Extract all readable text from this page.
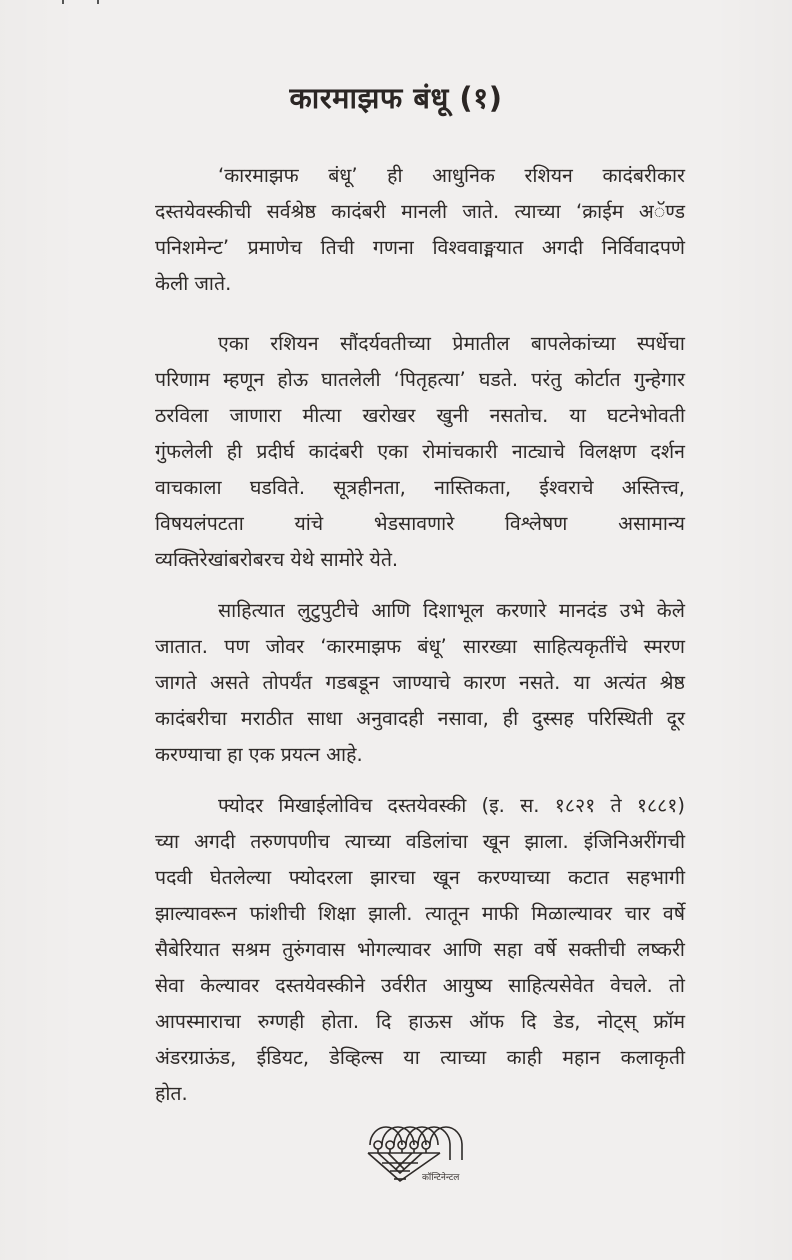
कारमाझफ बंधू (१)
‘कारमाझफ बंधू’ ही आधुनिक रशियन कादंबरीकार
दस्तयेवस्कीची सर्वश्रेष्ठ कादंबरी मानली जाते. त्याच्या ‘क्राईम अॅण्ड
पनिशमेन्ट’ प्रमाणेच तिची गणना विश्ववाङ्मयात अगदी निर्विवादपणे
केली जाते.
एका रशियन सौंदर्यवतीच्या प्रेमातील बापलेकांच्या स्पर्धेचा
परिणाम म्हणून होऊ घातलेली ‘पितृहत्या’ घडते. परंतु कोर्टात गुन्हेगार
ठरविला जाणारा मीत्या खरोखर खुनी नसतोच. या घटनेभोवती
गुंफलेली ही प्रदीर्घ कादंबरी एका रोमांचकारी नाट्याचे विलक्षण दर्शन
वाचकाला घडविते. सूत्रहीनता, नास्तिकता, ईश्वराचे अस्तित्त्व,
विषयलंपटता यांचे भेडसावणारे विश्लेषण असामान्य
व्यक्तिरेखांबरोबरच येथे सामोरे येते.
साहित्यात लुटुपुटीचे आणि दिशाभूल करणारे मानदंड उभे केले
जातात. पण जोवर ‘कारमाझफ बंधू’ सारख्या साहित्यकृतींचे स्मरण
जागते असते तोपर्यंत गडबडून जाण्याचे कारण नसते. या अत्यंत श्रेष्ठ
कादंबरीचा मराठीत साधा अनुवादही नसावा, ही दुस्सह परिस्थिती दूर
करण्याचा हा एक प्रयत्न आहे.
फ्योदर मिखाईलोविच दस्तयेवस्की (इ. स. १८२१ ते १८८१)
च्या अगदी तरुणपणीच त्याच्या वडिलांचा खून झाला. इंजिनिअरींगची
पदवी घेतलेल्या फ्योदरला झारचा खून करण्याच्या कटात सहभागी
झाल्यावरून फांशीची शिक्षा झाली. त्यातून माफी मिळाल्यावर चार वर्षे
सैबेरियात सश्रम तुरुंगवास भोगल्यावर आणि सहा वर्षे सक्तीची लष्करी
सेवा केल्यावर दस्तयेवस्कीने उर्वरीत आयुष्य साहित्यसेवेत वेचले. तो
आपस्माराचा रुग्णही होता. दि हाऊस ऑफ दि डेड, नोट्स् फ्रॉम
अंडरग्राऊंड, ईडियट, डेव्हिल्स या त्याच्या काही महान कलाकृती
होत.
कॉन्टिनेन्टल
